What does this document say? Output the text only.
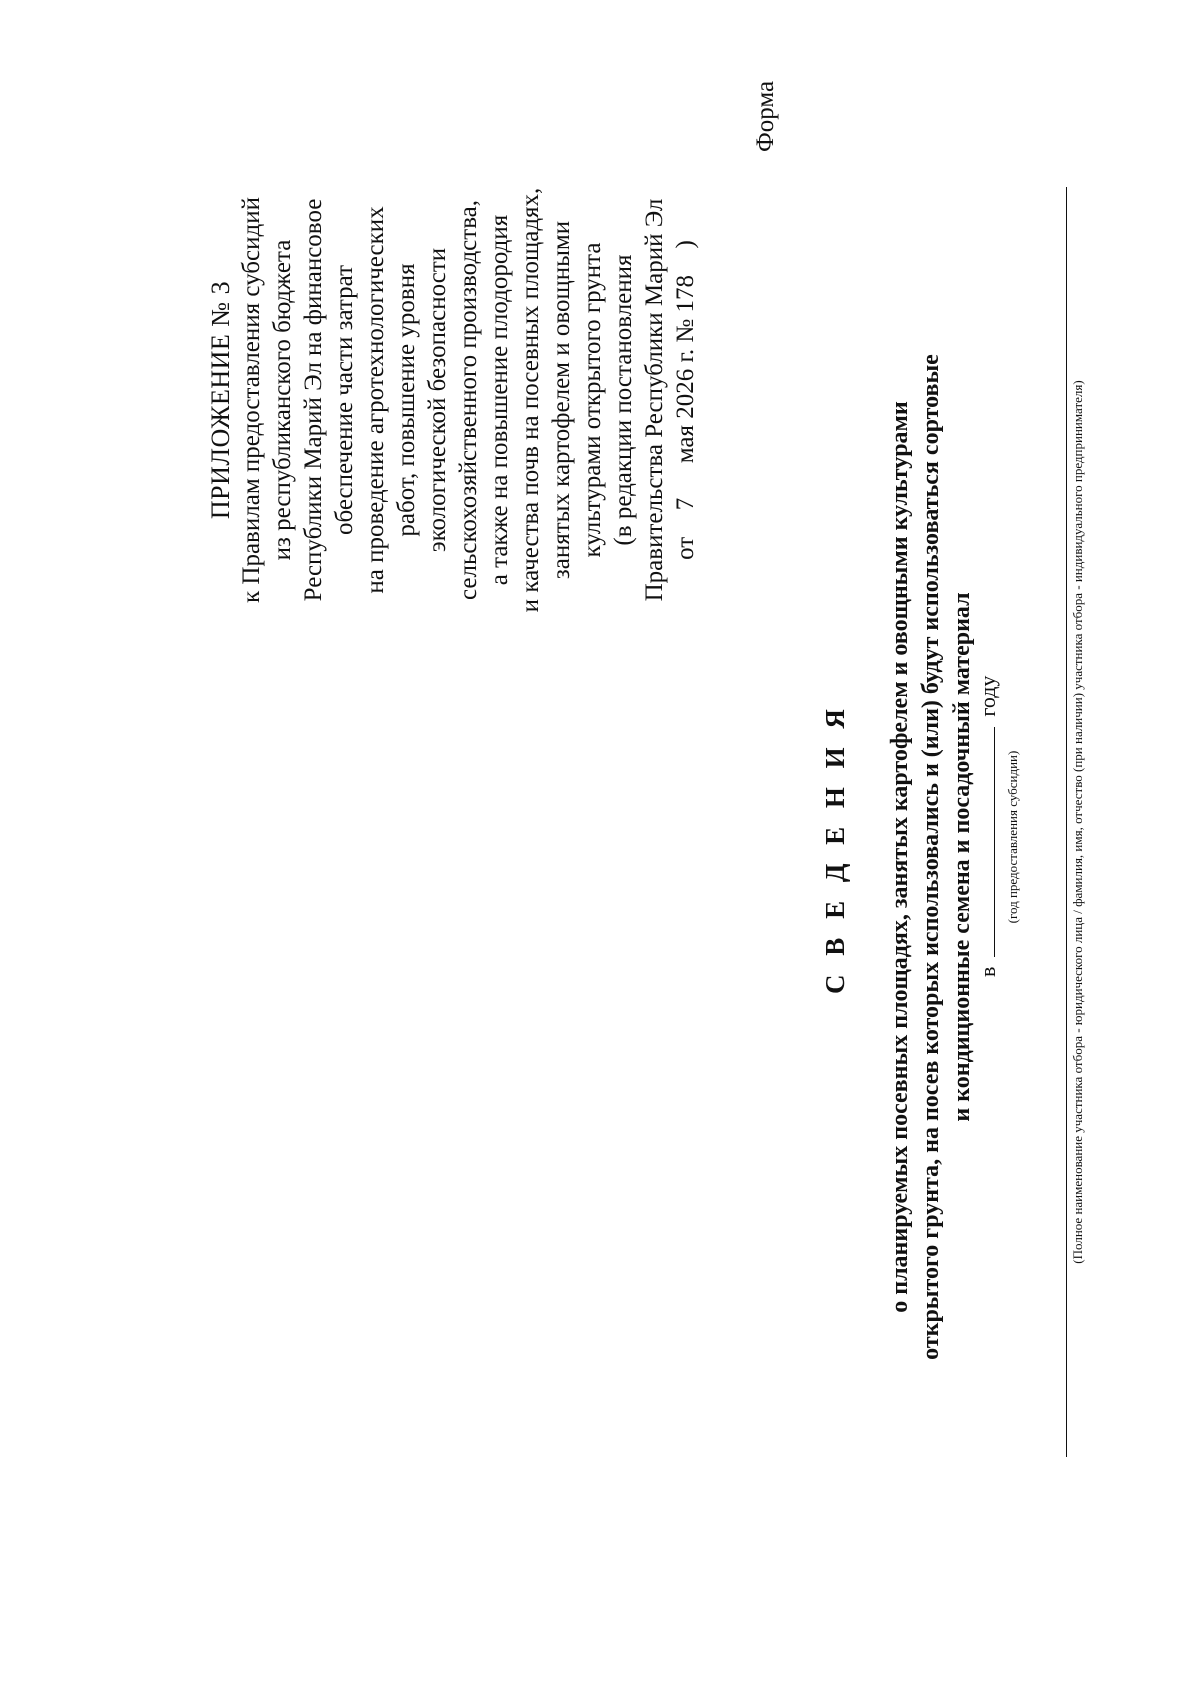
ПРИЛОЖЕНИЕ № 3 к Правилам предоставления субсидий из республиканского бюджета Республики Марий Эл на финансовое обеспечение части затрат на проведение агротехнологических работ, повышение уровня экологической безопасности сельскохозяйственного производства, а также на повышение плодородия и качества почв на посевных площадях, занятых картофелем и овощными культурами открытого грунта (в редакции постановления Правительства Республики Марий Эл от  7  мая 2026 г. № 178  )
Форма
С В Е Д Е Н И Я о планируемых посевных площадях, занятых картофелем и овощными культурами открытого грунта, на посев которых использовались и (или) будут использоваться сортовые и кондиционные семена и посадочный материал вгоду
(год предоставления субсидии)	(Полное наименование участника отбора - юридического лица / фамилия, имя, отчество (при наличии) участника отбора - индивидуального предпринимателя)
